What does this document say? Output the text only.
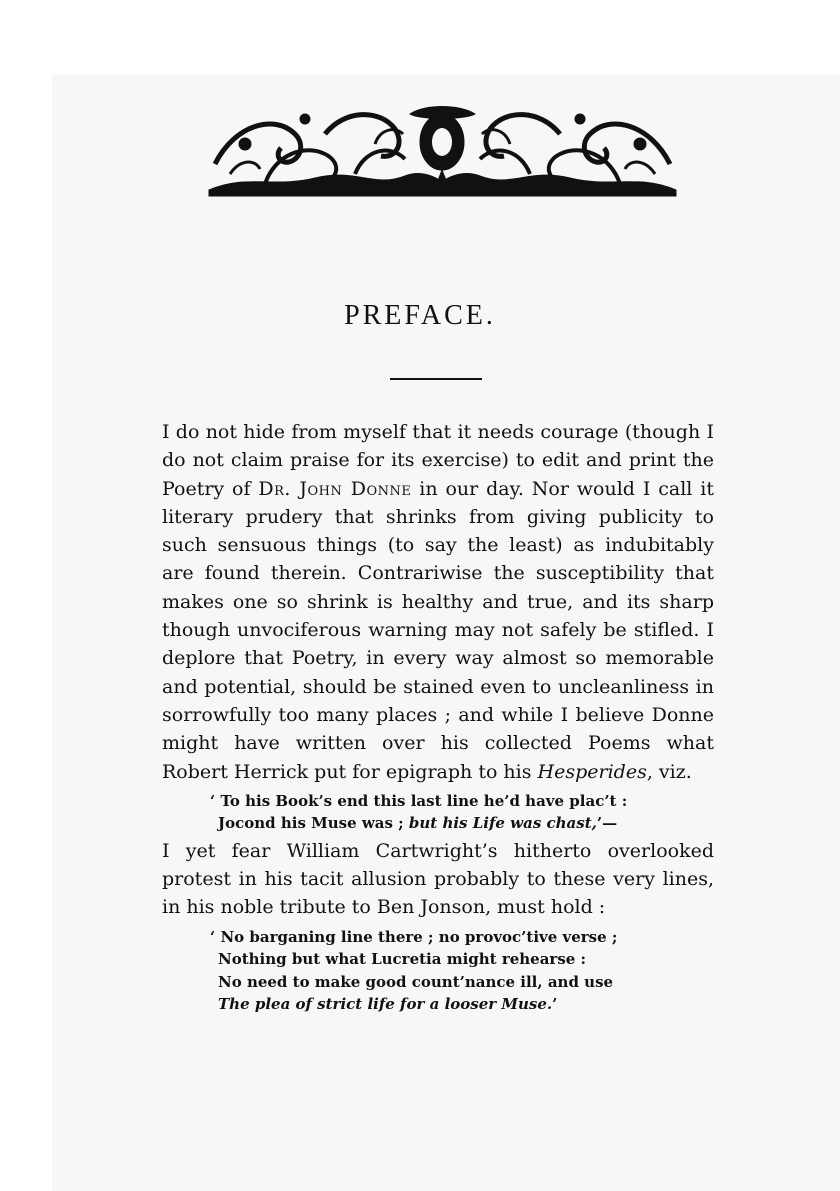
PREFACE.

I do not hide from myself that it needs courage (though I do not claim praise for its exercise) to edit and print the Poetry of Dr. John Donne in our day. Nor would I call it literary prudery that shrinks from giving publicity to such sensuous things (to say the least) as indubitably are found therein. Contrariwise the susceptibility that makes one so shrink is healthy and true, and its sharp though unvociferous warning may not safely be stifled. I deplore that Poetry, in every way almost so memorable and potential, should be stained even to uncleanliness in sorrowfully too many places ; and while I believe Donne might have written over his collected Poems what Robert Herrick put for epigraph to his Hesperides, viz.

‘ To his Book’s end this last line he’d have plac’t :
Jocond his Muse was ; but his Life was chast,’—

I yet fear William Cartwright’s hitherto overlooked protest in his tacit allusion probably to these very lines, in his noble tribute to Ben Jonson, must hold :

‘ No barganing line there ; no provoc’tive verse ;
Nothing but what Lucretia might rehearse :
No need to make good count’nance ill, and use
The plea of strict life for a looser Muse.’
